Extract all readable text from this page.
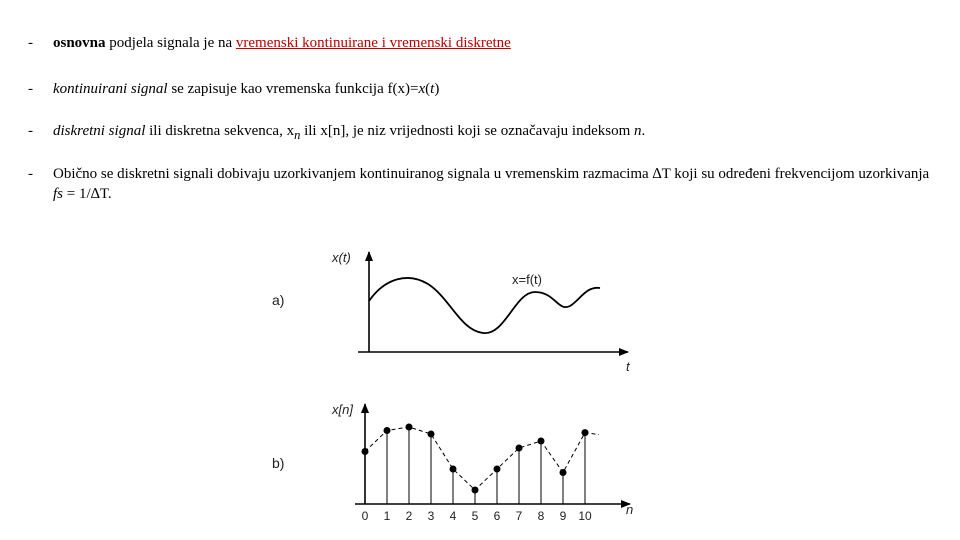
-	osnovna podjela signala je na vremenski kontinuirane i vremenski diskretne
-	kontinuirani signal se zapisuje kao vremenska funkcija f(x)=x(t)
-	diskretni signal ili diskretna sekvenca, $x_n$ ili x[n], je niz vrijednosti koji se označavaju indeksom n.
-	Obično se diskretni signali dobivaju uzorkivanjem kontinuiranog signala u vremenskim razmacima ∆T koji su određeni frekvencijom uzorkivanja fs = 1/∆T.
a)
x(t)
x=f(t)
t
b)
x[n]
n
0 1 2 3 4 5 6 7 8 9 10
